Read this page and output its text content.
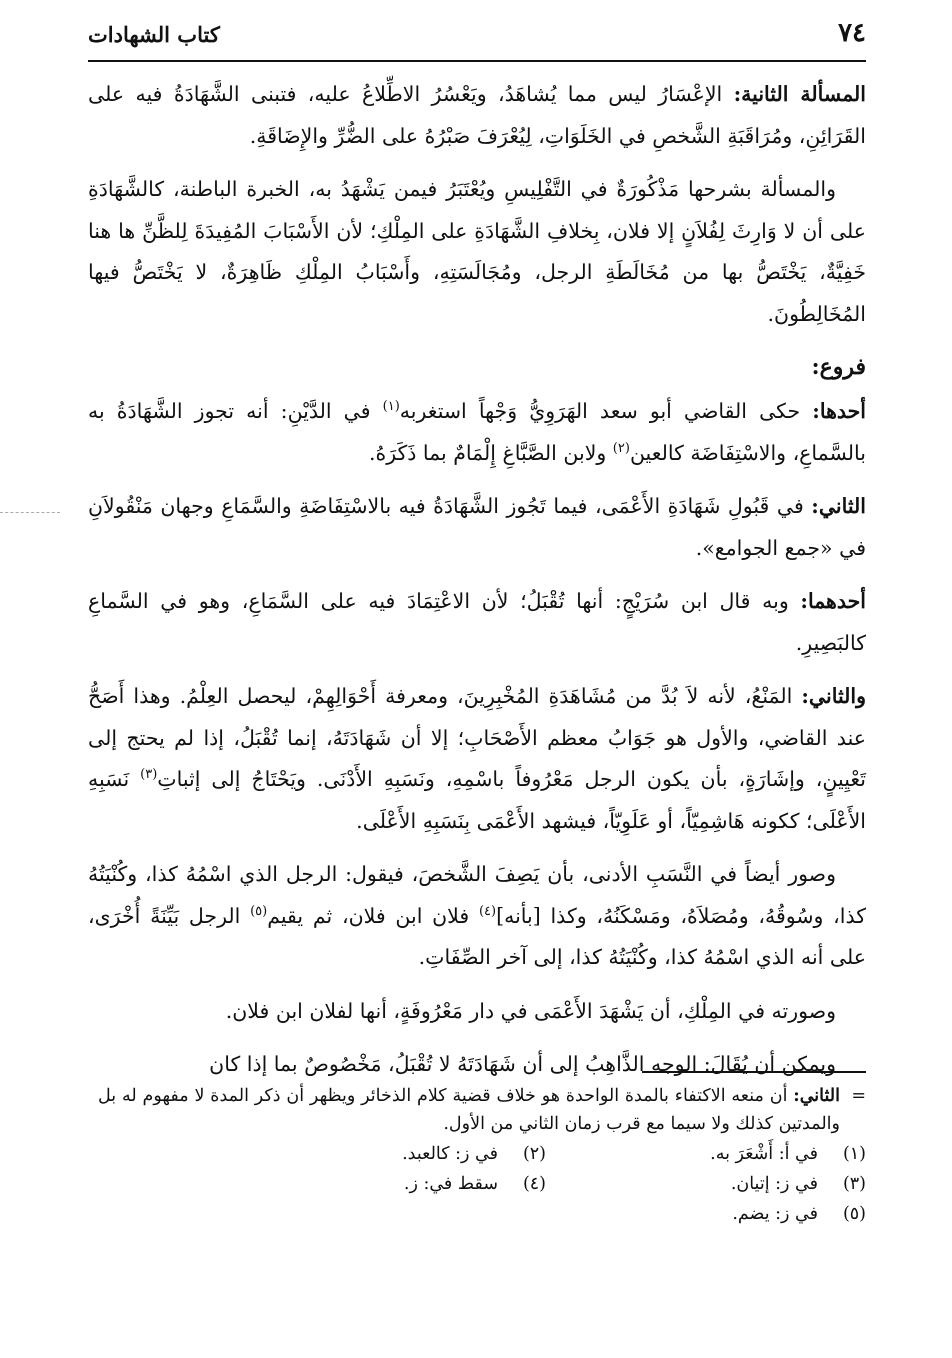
٧٤
كتاب الشهادات

المسألة الثانية: الإعْسَارُ ليس مما يُشاهَدُ، ويَعْسُرُ الاطِّلاعُ عليه، فتبنى الشَّهَادَةُ فيه على القَرَائِنِ، ومُرَاقَبَةِ الشَّخصِ في الخَلَوَاتِ، لِيُعْرَفَ صَبْرُهُ على الضُّرِّ والإِضَاقَةِ.

والمسألة بشرحها مَذْكُورَةٌ في التَّفْلِيسِ ويُعْتَبَرُ فيمن يَشْهَدُ به، الخبرة الباطنة، كالشَّهَادَةِ على أن لا وَارِثَ لِفُلاَنٍ إلا فلان، بِخلافِ الشَّهَادَةِ على المِلْكِ؛ لأن الأَسْبَابَ المُفِيدَةَ لِلظَّنِّ ها هنا خَفِيَّةٌ، يَخْتَصُّ بها من مُخَالَطَةِ الرجل، ومُجَالَسَتِهِ، وأَسْبَابُ المِلْكِ ظَاهِرَةٌ، لا يَخْتَصُّ فيها المُخَالِطُونَ.

فروع:

أحدها: حكى القاضي أبو سعد الهَرَوِيُّ وَجْهاً استغربه$^{(١)}$ في الدَّيْنِ: أنه تجوز الشَّهَادَةُ به بالسَّماعِ، والاسْتِفَاضَة كالعين$^{(٢)}$ ولابن الصَّبَّاغِ إِلْمَامٌ بما ذَكَرَهُ.

الثاني: في قَبُولِ شَهَادَةِ الأَعْمَى، فيما تَجُوز الشَّهَادَةُ فيه بالاسْتِفَاضَةِ والسَّمَاعِ وجهان مَنْقُولاَنِ في «جمع الجوامع».

أحدهما: وبه قال ابن سُرَيْجٍ: أنها تُقْبَلُ؛ لأن الاعْتِمَادَ فيه على السَّمَاعِ، وهو في السَّماعِ كالبَصِيرِ.

والثاني: المَنْعُ، لأنه لاَ بُدَّ من مُشَاهَدَةِ المُخْبِرِينَ، ومعرفة أَحْوَالِهِمْ، ليحصل العِلْمُ. وهذا أَصَحُّ عند القاضي، والأول هو جَوَابُ معظم الأَصْحَابِ؛ إلا أن شَهَادَتَهُ، إنما تُقْبَلُ، إذا لم يحتج إلى تَعْيِينٍ، وإشَارَةٍ، بأن يكون الرجل مَعْرُوفاً باسْمِهِ، ونَسَبِهِ الأَدْنَى. ويَحْتَاجُ إلى إثباتِ$^{(٣)}$ نَسَبِهِ الأَعْلَى؛ ككونه هَاشِمِيّاً، أو عَلَوِيّاً، فيشهد الأَعْمَى بِنَسَبِهِ الأَعْلَى.

وصور أيضاً في النَّسَبِ الأدنى، بأن يَصِفَ الشَّخصَ، فيقول: الرجل الذي اسْمُهُ كذا، وكُنْيَتُهُ كذا، وسُوقُهُ، ومُصَلاَهُ، ومَسْكَنُهُ، وكذا [بأنه]$^{(٤)}$ فلان ابن فلان، ثم يقيم$^{(٥)}$ الرجل بَيِّنَةً أُخْرَى، على أنه الذي اسْمُهُ كذا، وكُنْيَتُهُ كذا، إلى آخر الصِّفَاتِ.

وصورته في المِلْكِ، أن يَشْهَدَ الأَعْمَى في دار مَعْرُوفَةٍ، أنها لفلان ابن فلان.

ويمكن أن يُقَالَ: الوجه الذَّاهِبُ إلى أن شَهَادَتَهُ لا تُقْبَلُ، مَخْصُوصٌ بما إذا كان

=
الثاني: أن منعه الاكتفاء بالمدة الواحدة هو خلاف قضية كلام الذخائر ويظهر أن ذكر المدة لا مفهوم له بل والمدتين كذلك ولا سيما مع قرب زمان الثاني من الأول.
(١)
في أ: أَشْعَرَ به.
(٢)
في ز: كالعبد.
(٣)
في ز: إتيان.
(٤)
سقط في: ز.
(٥)
في ز: يضم.
